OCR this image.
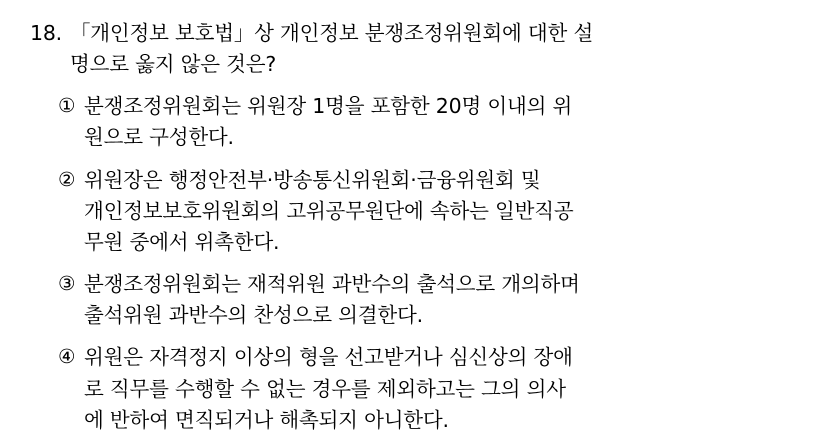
18. 「개인정보 보호법」상 개인정보 분쟁조정위원회에 대한 설
명으로 옳지 않은 것은?
① 분쟁조정위원회는 위원장 1명을 포함한 20명 이내의 위
원으로 구성한다.
② 위원장은 행정안전부·방송통신위원회·금융위원회 및
개인정보보호위원회의 고위공무원단에 속하는 일반직공
무원 중에서 위촉한다.
③ 분쟁조정위원회는 재적위원 과반수의 출석으로 개의하며
출석위원 과반수의 찬성으로 의결한다.
④ 위원은 자격정지 이상의 형을 선고받거나 심신상의 장애
로 직무를 수행할 수 없는 경우를 제외하고는 그의 의사
에 반하여 면직되거나 해촉되지 아니한다.
